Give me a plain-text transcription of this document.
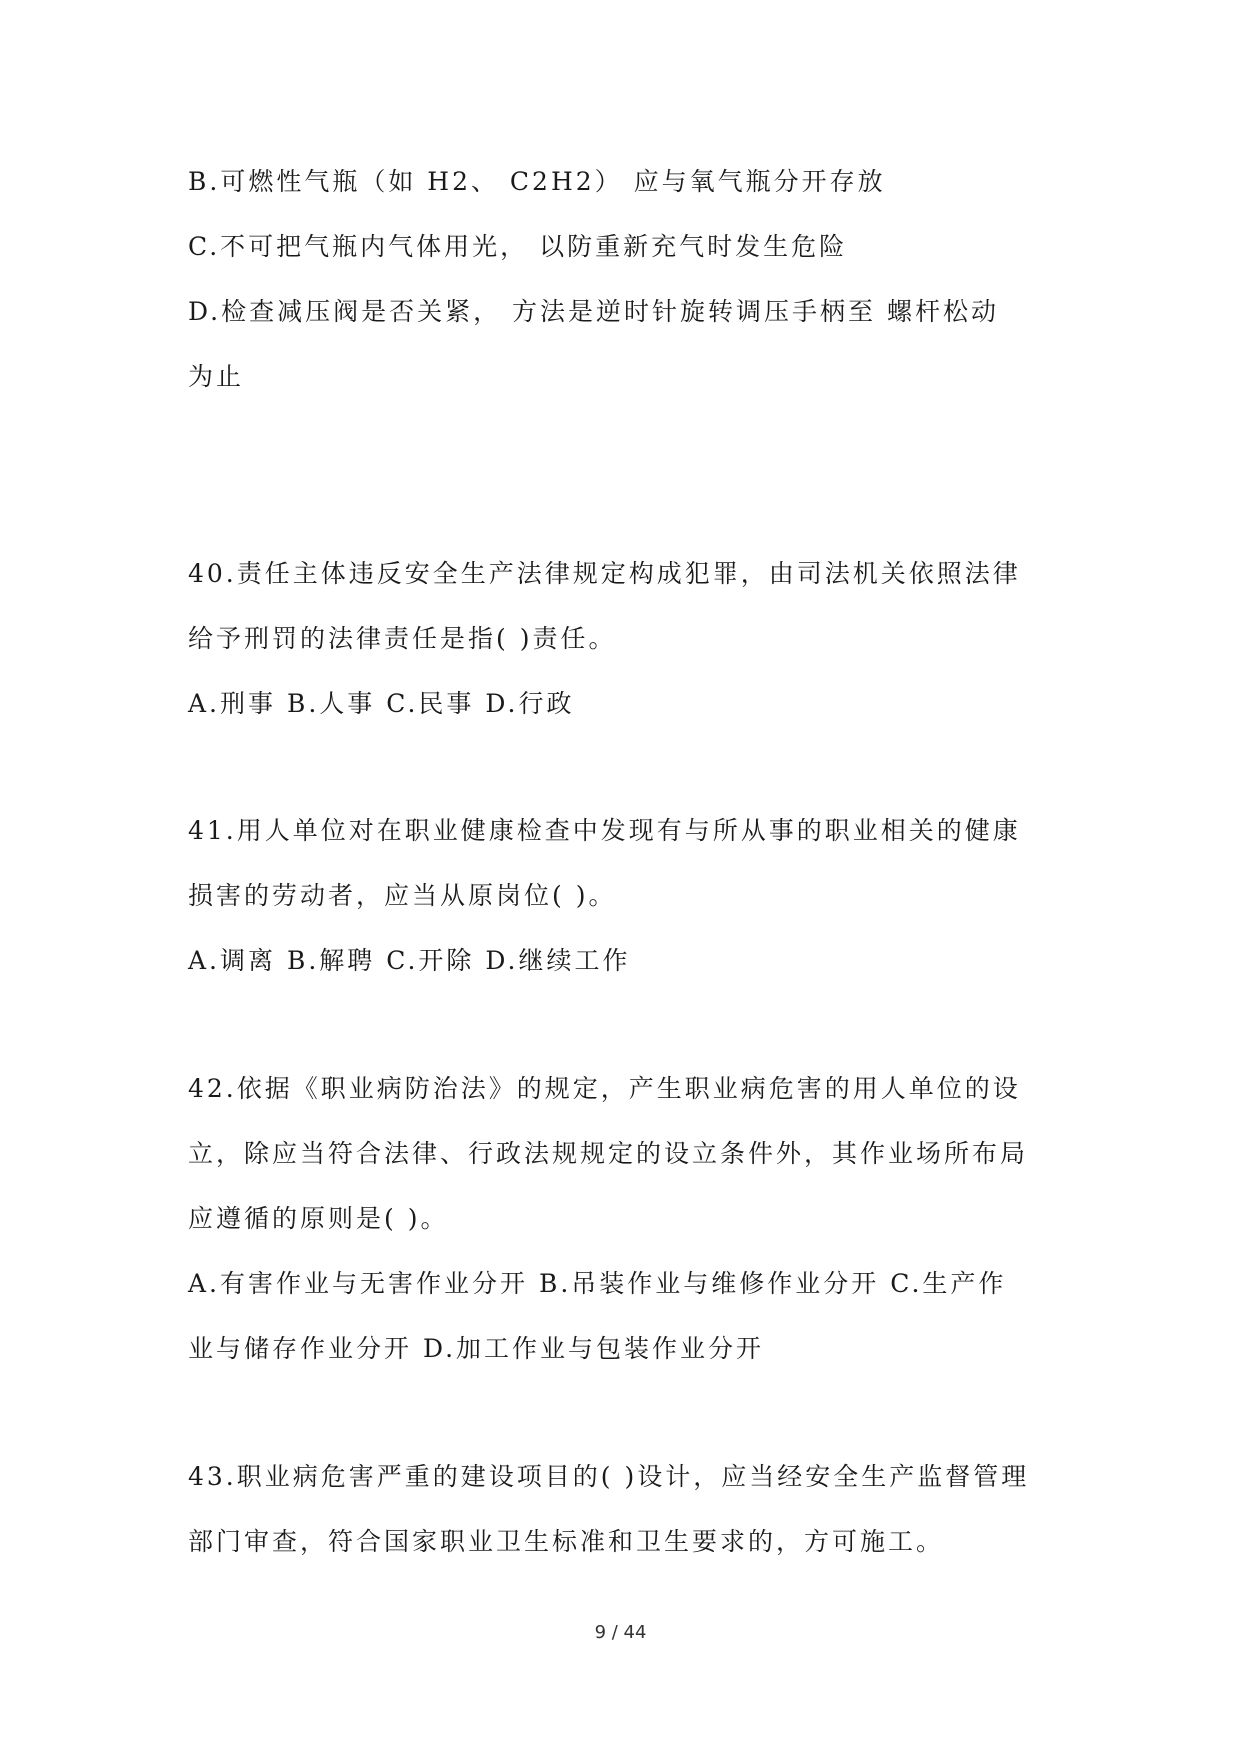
B.可燃性气瓶（如 H2、 C2H2） 应与氧气瓶分开存放
C.不可把气瓶内气体用光， 以防重新充气时发生危险
D.检查减压阀是否关紧， 方法是逆时针旋转调压手柄至 螺杆松动
为止
40.责任主体违反安全生产法律规定构成犯罪，由司法机关依照法律
给予刑罚的法律责任是指( )责任。
A.刑事 B.人事 C.民事 D.行政
41.用人单位对在职业健康检查中发现有与所从事的职业相关的健康
损害的劳动者，应当从原岗位( )。
A.调离 B.解聘 C.开除 D.继续工作
42.依据《职业病防治法》的规定，产生职业病危害的用人单位的设
立，除应当符合法律、行政法规规定的设立条件外，其作业场所布局
应遵循的原则是( )。
A.有害作业与无害作业分开 B.吊装作业与维修作业分开 C.生产作
业与储存作业分开 D.加工作业与包装作业分开
43.职业病危害严重的建设项目的( )设计，应当经安全生产监督管理
部门审查，符合国家职业卫生标准和卫生要求的，方可施工。
9 / 44
